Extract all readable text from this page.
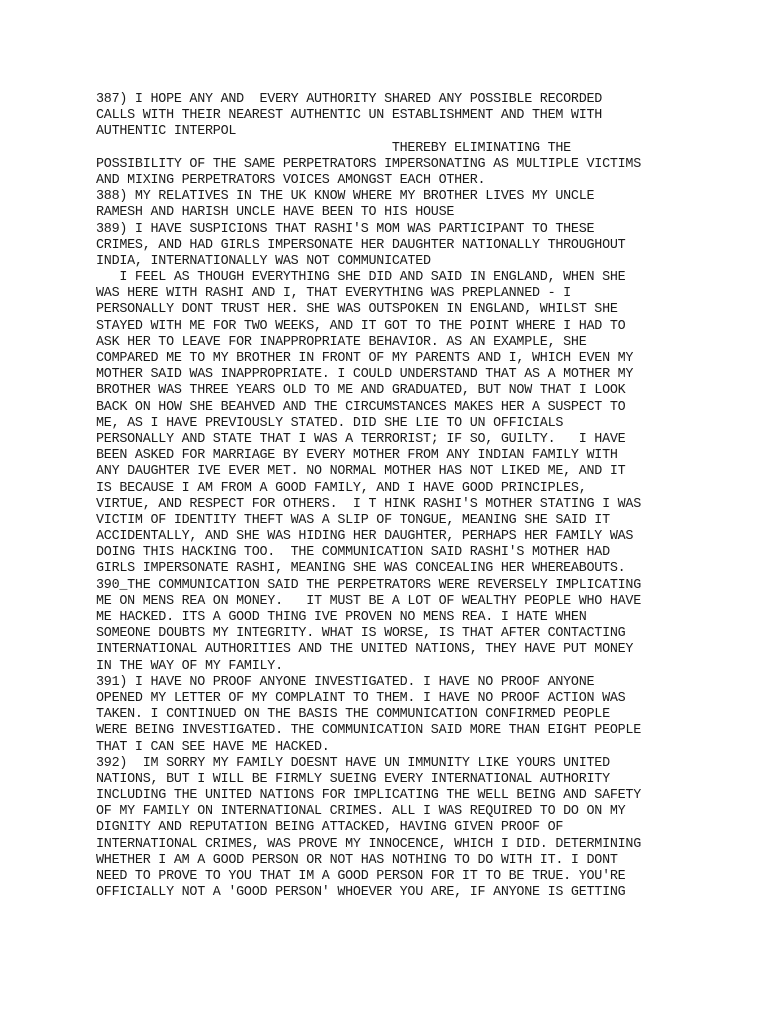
387) I HOPE ANY AND  EVERY AUTHORITY SHARED ANY POSSIBLE RECORDED
CALLS WITH THEIR NEAREST AUTHENTIC UN ESTABLISHMENT AND THEM WITH
AUTHENTIC INTERPOL
THEREBY ELIMINATING THE
POSSIBILITY OF THE SAME PERPETRATORS IMPERSONATING AS MULTIPLE VICTIMS
AND MIXING PERPETRATORS VOICES AMONGST EACH OTHER.
388) MY RELATIVES IN THE UK KNOW WHERE MY BROTHER LIVES MY UNCLE
RAMESH AND HARISH UNCLE HAVE BEEN TO HIS HOUSE
389) I HAVE SUSPICIONS THAT RASHI'S MOM WAS PARTICIPANT TO THESE
CRIMES, AND HAD GIRLS IMPERSONATE HER DAUGHTER NATIONALLY THROUGHOUT
INDIA, INTERNATIONALLY WAS NOT COMMUNICATED
I FEEL AS THOUGH EVERYTHING SHE DID AND SAID IN ENGLAND, WHEN SHE
WAS HERE WITH RASHI AND I, THAT EVERYTHING WAS PREPLANNED - I
PERSONALLY DONT TRUST HER. SHE WAS OUTSPOKEN IN ENGLAND, WHILST SHE
STAYED WITH ME FOR TWO WEEKS, AND IT GOT TO THE POINT WHERE I HAD TO
ASK HER TO LEAVE FOR INAPPROPRIATE BEHAVIOR. AS AN EXAMPLE, SHE
COMPARED ME TO MY BROTHER IN FRONT OF MY PARENTS AND I, WHICH EVEN MY
MOTHER SAID WAS INAPPROPRIATE. I COULD UNDERSTAND THAT AS A MOTHER MY
BROTHER WAS THREE YEARS OLD TO ME AND GRADUATED, BUT NOW THAT I LOOK
BACK ON HOW SHE BEAHVED AND THE CIRCUMSTANCES MAKES HER A SUSPECT TO
ME, AS I HAVE PREVIOUSLY STATED. DID SHE LIE TO UN OFFICIALS
PERSONALLY AND STATE THAT I WAS A TERRORIST; IF SO, GUILTY.   I HAVE
BEEN ASKED FOR MARRIAGE BY EVERY MOTHER FROM ANY INDIAN FAMILY WITH
ANY DAUGHTER IVE EVER MET. NO NORMAL MOTHER HAS NOT LIKED ME, AND IT
IS BECAUSE I AM FROM A GOOD FAMILY, AND I HAVE GOOD PRINCIPLES,
VIRTUE, AND RESPECT FOR OTHERS.  I T HINK RASHI'S MOTHER STATING I WAS
VICTIM OF IDENTITY THEFT WAS A SLIP OF TONGUE, MEANING SHE SAID IT
ACCIDENTALLY, AND SHE WAS HIDING HER DAUGHTER, PERHAPS HER FAMILY WAS
DOING THIS HACKING TOO.  THE COMMUNICATION SAID RASHI'S MOTHER HAD
GIRLS IMPERSONATE RASHI, MEANING SHE WAS CONCEALING HER WHEREABOUTS.
390_THE COMMUNICATION SAID THE PERPETRATORS WERE REVERSELY IMPLICATING
ME ON MENS REA ON MONEY.   IT MUST BE A LOT OF WEALTHY PEOPLE WHO HAVE
ME HACKED. ITS A GOOD THING IVE PROVEN NO MENS REA. I HATE WHEN
SOMEONE DOUBTS MY INTEGRITY. WHAT IS WORSE, IS THAT AFTER CONTACTING
INTERNATIONAL AUTHORITIES AND THE UNITED NATIONS, THEY HAVE PUT MONEY
IN THE WAY OF MY FAMILY.
391) I HAVE NO PROOF ANYONE INVESTIGATED. I HAVE NO PROOF ANYONE
OPENED MY LETTER OF MY COMPLAINT TO THEM. I HAVE NO PROOF ACTION WAS
TAKEN. I CONTINUED ON THE BASIS THE COMMUNICATION CONFIRMED PEOPLE
WERE BEING INVESTIGATED. THE COMMUNICATION SAID MORE THAN EIGHT PEOPLE
THAT I CAN SEE HAVE ME HACKED.
392)  IM SORRY MY FAMILY DOESNT HAVE UN IMMUNITY LIKE YOURS UNITED
NATIONS, BUT I WILL BE FIRMLY SUEING EVERY INTERNATIONAL AUTHORITY
INCLUDING THE UNITED NATIONS FOR IMPLICATING THE WELL BEING AND SAFETY
OF MY FAMILY ON INTERNATIONAL CRIMES. ALL I WAS REQUIRED TO DO ON MY
DIGNITY AND REPUTATION BEING ATTACKED, HAVING GIVEN PROOF OF
INTERNATIONAL CRIMES, WAS PROVE MY INNOCENCE, WHICH I DID. DETERMINING
WHETHER I AM A GOOD PERSON OR NOT HAS NOTHING TO DO WITH IT. I DONT
NEED TO PROVE TO YOU THAT IM A GOOD PERSON FOR IT TO BE TRUE. YOU'RE
OFFICIALLY NOT A 'GOOD PERSON' WHOEVER YOU ARE, IF ANYONE IS GETTING
